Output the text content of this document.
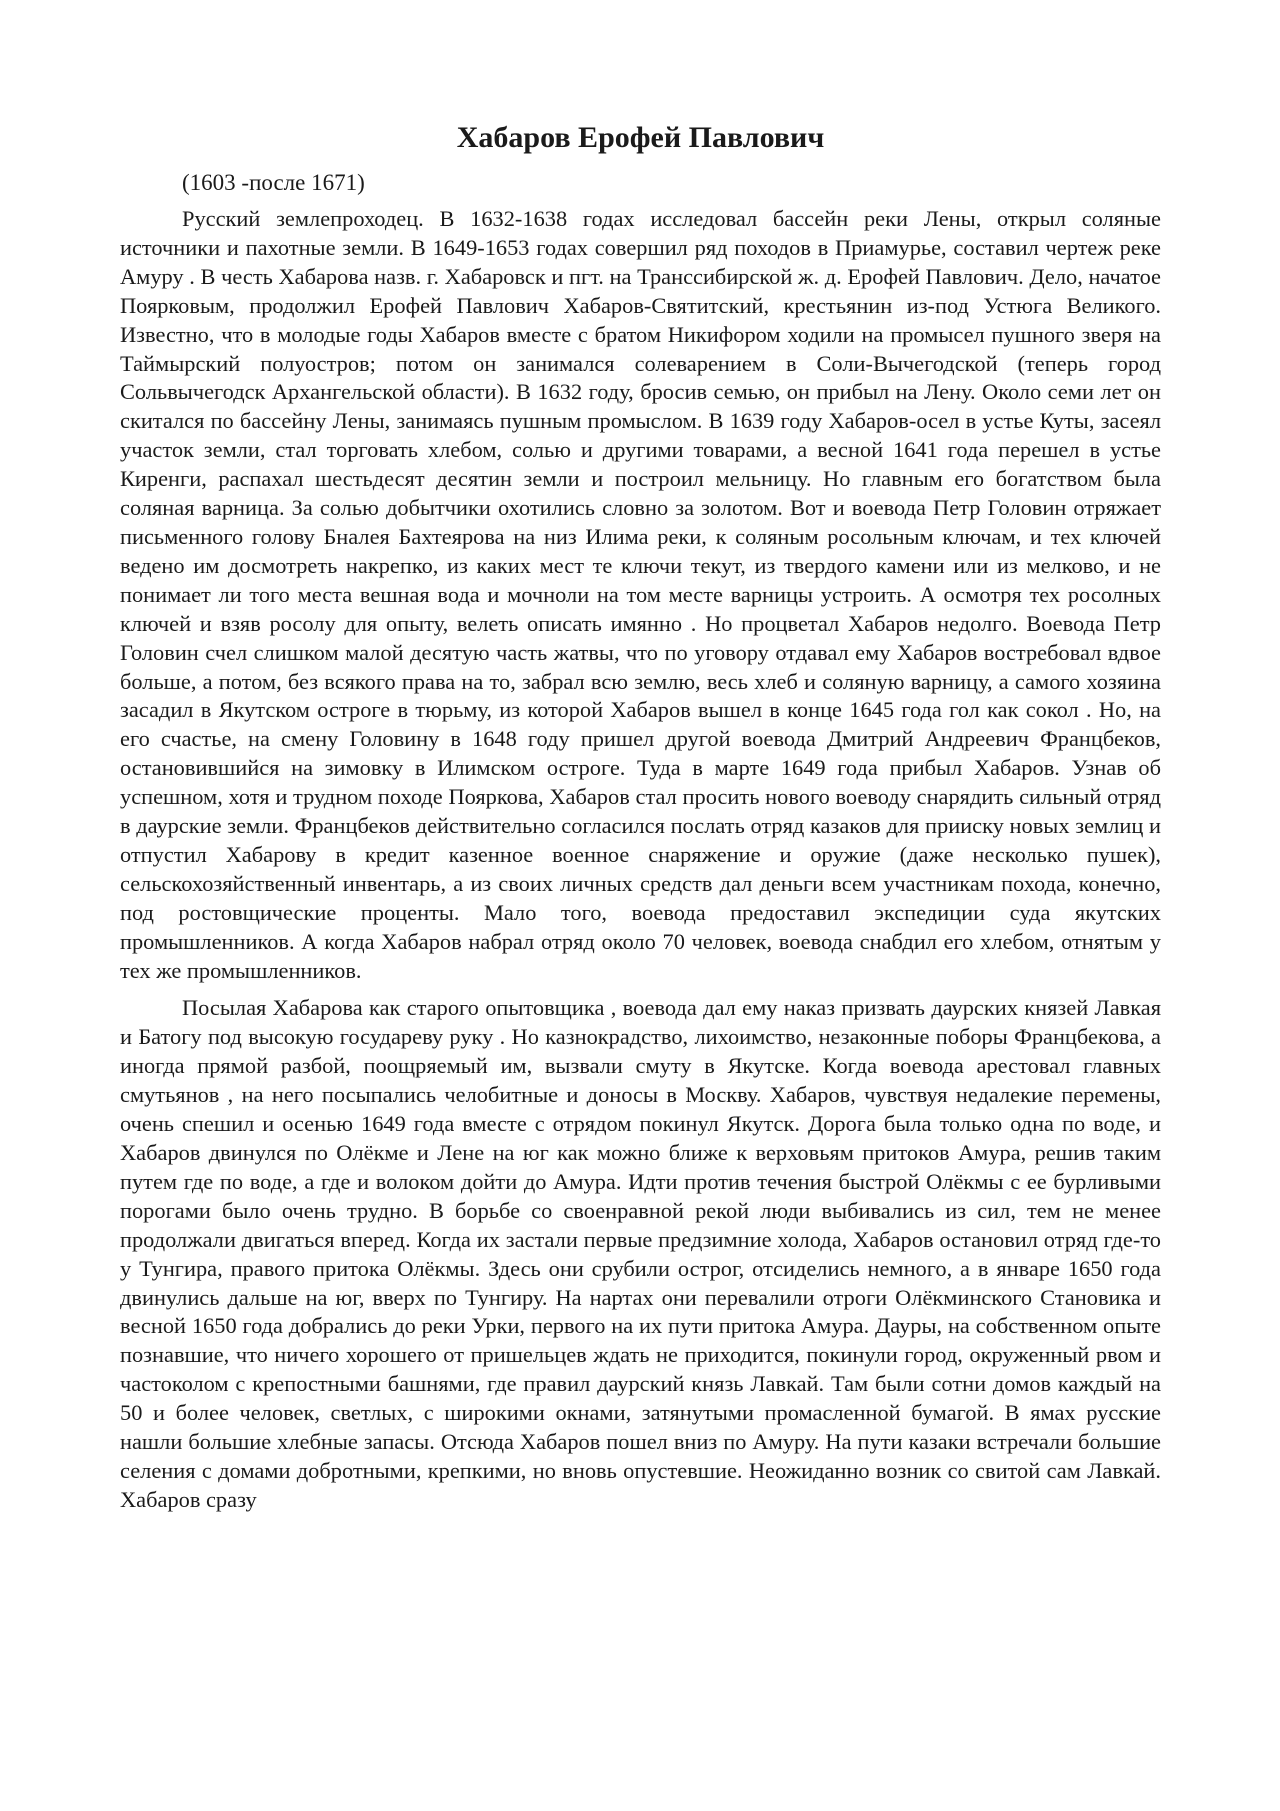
Хабаров Ерофей Павлович

(1603 -после 1671)

Русский землепроходец. В 1632-1638 годах исследовал бассейн реки Лены, открыл соляные источники и пахотные земли. В 1649-1653 годах совершил ряд походов в Приамурье, составил чертеж реке Амуру . В честь Хабарова назв. г. Хабаровск и пгт. на Транссибирской ж. д. Ерофей Павлович. Дело, начатое Поярковым, продолжил Ерофей Павлович Хабаров-Святитский, крестьянин из-под Устюга Великого. Известно, что в молодые годы Хабаров вместе с братом Никифором ходили на промысел пушного зверя на Таймырский полуостров; потом он занимался солеварением в Соли-Вычегодской (теперь город Сольвычегодск Архангельской области). В 1632 году, бросив семью, он прибыл на Лену. Около семи лет он скитался по бассейну Лены, занимаясь пушным промыслом. В 1639 году Хабаров-осел в устье Куты, засеял участок земли, стал торговать хлебом, солью и другими товарами, а весной 1641 года перешел в устье Киренги, распахал шестьдесят десятин земли и построил мельницу. Но главным его богатством была соляная варница. За солью добытчики охотились словно за золотом. Вот и воевода Петр Головин отряжает письменного голову Бналея Бахтеярова на низ Илима реки, к соляным росольным ключам, и тех ключей ведено им досмотреть накрепко, из каких мест те ключи текут, из твердого камени или из мелково, и не понимает ли того места вешная вода и мочноли на том месте варницы устроить. А осмотря тех росолных ключей и взяв росолу для опыту, велеть описать имянно . Но процветал Хабаров недолго. Воевода Петр Головин счел слишком малой десятую часть жатвы, что по уговору отдавал ему Хабаров востребовал вдвое больше, а потом, без всякого права на то, забрал всю землю, весь хлеб и соляную варницу, а самого хозяина засадил в Якутском остроге в тюрьму, из которой Хабаров вышел в конце 1645 года гол как сокол . Но, на его счастье, на смену Головину в 1648 году пришел другой воевода Дмитрий Андреевич Францбеков, остановившийся на зимовку в Илимском остроге. Туда в марте 1649 года прибыл Хабаров. Узнав об успешном, хотя и трудном походе Пояркова, Хабаров стал просить нового воеводу снарядить сильный отряд в даурские земли. Францбеков действительно согласился послать отряд казаков для прииску новых землиц и отпустил Хабарову в кредит казенное военное снаряжение и оружие (даже несколько пушек), сельскохозяйственный инвентарь, а из своих личных средств дал деньги всем участникам похода, конечно, под ростовщические проценты. Мало того, воевода предоставил экспедиции суда якутских промышленников. А когда Хабаров набрал отряд около 70 человек, воевода снабдил его хлебом, отнятым у тех же промышленников.

Посылая Хабарова как старого опытовщика , воевода дал ему наказ призвать даурских князей Лавкая и Батогу под высокую государеву руку . Но казнокрадство, лихоимство, незаконные поборы Францбекова, а иногда прямой разбой, поощряемый им, вызвали смуту в Якутске. Когда воевода арестовал главных смутьянов , на него посыпались челобитные и доносы в Москву. Хабаров, чувствуя недалекие перемены, очень спешил и осенью 1649 года вместе с отрядом покинул Якутск. Дорога была только одна по воде, и Хабаров двинулся по Олёкме и Лене на юг как можно ближе к верховьям притоков Амура, решив таким путем где по воде, а где и волоком дойти до Амура. Идти против течения быстрой Олёкмы с ее бурливыми порогами было очень трудно. В борьбе со своенравной рекой люди выбивались из сил, тем не менее продолжали двигаться вперед. Когда их застали первые предзимние холода, Хабаров остановил отряд где-то у Тунгира, правого притока Олёкмы. Здесь они срубили острог, отсиделись немного, а в январе 1650 года двинулись дальше на юг, вверх по Тунгиру. На нартах они перевалили отроги Олёкминского Становика и весной 1650 года добрались до реки Урки, первого на их пути притока Амура. Дауры, на собственном опыте познавшие, что ничего хорошего от пришельцев ждать не приходится, покинули город, окруженный рвом и частоколом с крепостными башнями, где правил даурский князь Лавкай. Там были сотни домов каждый на 50 и более человек, светлых, с широкими окнами, затянутыми промасленной бумагой. В ямах русские нашли большие хлебные запасы. Отсюда Хабаров пошел вниз по Амуру. На пути казаки встречали большие селения с домами добротными, крепкими, но вновь опустевшие. Неожиданно возник со свитой сам Лавкай. Хабаров сразу
